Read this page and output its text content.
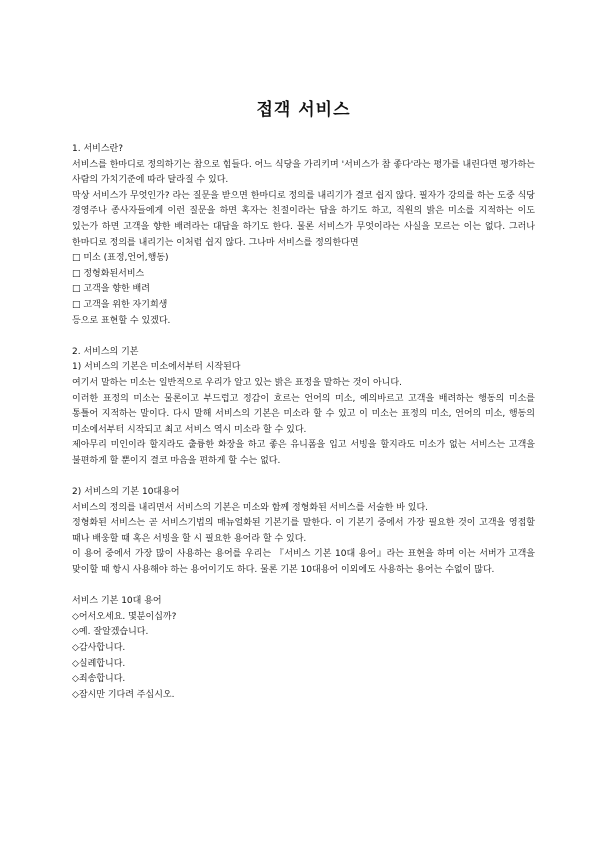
접객 서비스

1. 서비스란?

서비스를 한마디로 정의하기는 참으로 힘들다. 어느 식당을 가리키며 '서비스가 참 좋다'라는 평가를 내린다면 평가하는 사람의 가치기준에 따라 달라질 수 있다.

막상 서비스가 무엇인가? 라는 질문을 받으면 한마디로 정의를 내리기가 결코 쉽지 않다. 필자가 강의를 하는 도중 식당 경영주나 종사자들에게 이런 질문을 하면 혹자는 친절이라는 답을 하기도 하고, 직원의 밝은 미소를 지적하는 이도 있는가 하면 고객을 향한 배려라는 대답을 하기도 한다. 물론 서비스가 무엇이라는 사실을 모르는 이는 없다. 그러나 한마디로 정의를 내리기는 이처럼 쉽지 않다. 그나마 서비스를 정의한다면

□ 미소 (표정,언어,행동)

□ 정형화된서비스

□ 고객을 향한 배려

□ 고객을 위한 자기희생

등으로 표현할 수 있겠다.

2. 서비스의 기본

1) 서비스의 기본은 미소에서부터 시작된다

여기서 말하는 미소는 일반적으로 우리가 알고 있는 밝은 표정을 말하는 것이 아니다.

이러한 표정의 미소는 물론이고 부드럽고 정감이 흐르는 언어의 미소, 예의바르고 고객을 배려하는 행동의 미소를 통틀어 지적하는 말이다. 다시 말해 서비스의 기본은 미소라 할 수 있고 이 미소는 표정의 미소, 언어의 미소, 행동의 미소에서부터 시작되고 최고 서비스 역시 미소라 할 수 있다.

제아무리 미인이라 할지라도 출륭한 화장을 하고 좋은 유니폼을 입고 서빙을 할지라도 미소가 없는 서비스는 고객을 불편하게 할 뿐이지 결코 마음을 편하게 할 수는 없다.

2) 서비스의 기본 10대용어

서비스의 정의를 내리면서 서비스의 기본은 미소와 함께 정형화된 서비스를 서술한 바 있다.

정형화된 서비스는 곧 서비스기법의 매뉴얼화된 기본기를 말한다. 이 기본기 중에서 가장 필요한 것이 고객을 영접할 때나 배웅할 때 혹은 서빙을 할 시 필요한 용어라 할 수 있다.

이 용어 중에서 가장 많이 사용하는 용어를 우리는 『서비스 기본 10대 용어』라는 표현을 하며 이는 서버가 고객을 맞이할 때 항시 사용해야 하는 용어이기도 하다. 물론 기본 10대용어 이외에도 사용하는 용어는 수없이 많다.

서비스 기본 10대 용어

◇어서오세요. 몇분이십까?

◇예. 잘알겠습니다.

◇감사합니다.

◇실례합니다.

◇죄송합니다.

◇잠시만 기다려 주십시오.
